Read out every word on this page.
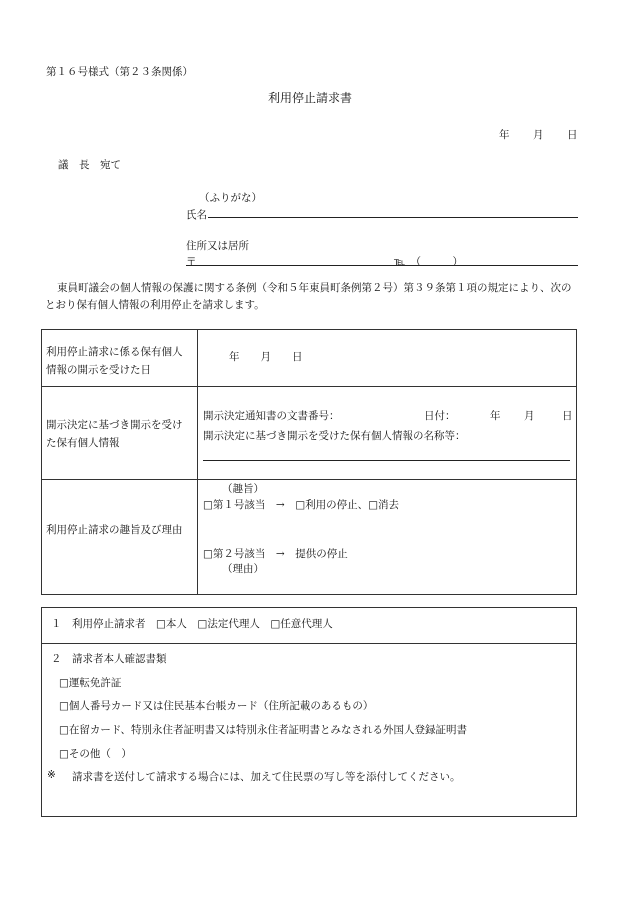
第１６号様式（第２３条関係）
利用停止請求書
年 月 日
議　長　宛て
（ふりがな）
氏名
住所又は居所
〒	℡　（　　　）
東員町議会の個人情報の保護に関する条例（令和５年東員町条例第２号）第３９条第１項の規定により、次のとおり保有個人情報の利用停止を請求します。
利用停止請求に係る保有個人情報の開示を受けた日
年　　月　　日
開示決定に基づき開示を受けた保有個人情報
開示決定通知書の文書番号：	日付：	年 月	日
開示決定に基づき開示を受けた保有個人情報の名称等：
利用停止請求の趣旨及び理由
（趣旨）
□第１号該当　→　□利用の停止、□消去
□第２号該当　→　提供の停止
（理由）
１　利用停止請求者　□本人　□法定代理人　□任意代理人
２　請求者本人確認書類
□運転免許証
□個人番号カード又は住民基本台帳カード（住所記載のあるもの）
□在留カード、特別永住者証明書又は特別永住者証明書とみなされる外国人登録証明書
□その他（　）
※ 請求書を送付して請求する場合には、加えて住民票の写し等を添付してください。
